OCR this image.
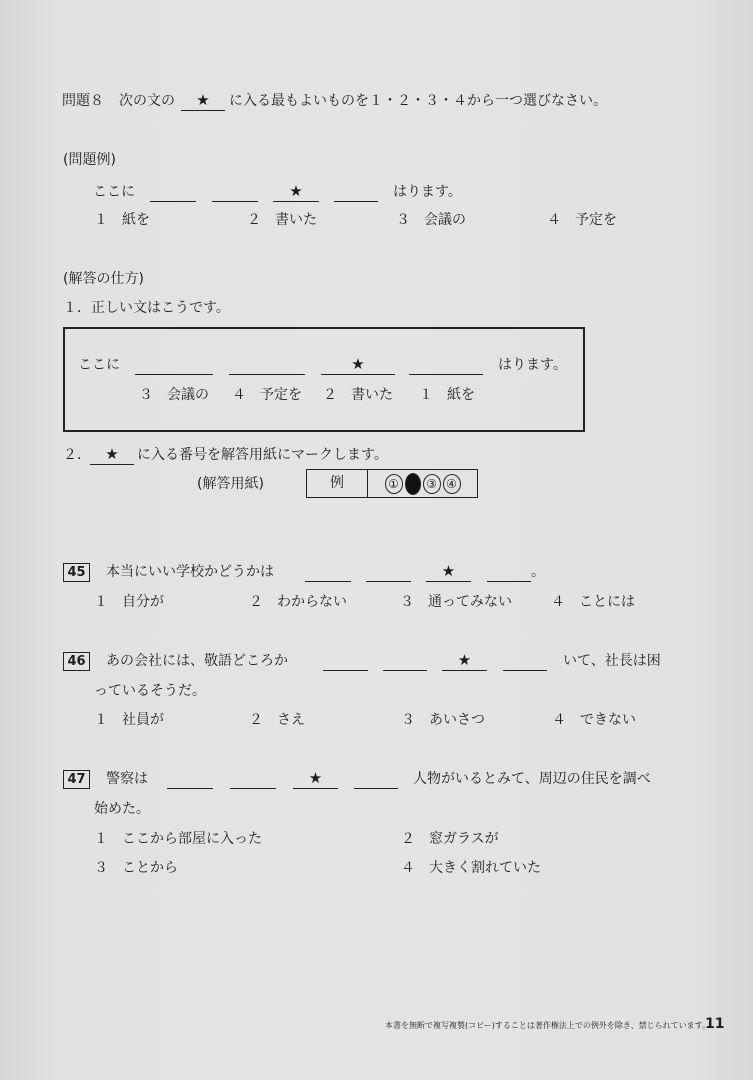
問題８ 次の文の	★	に入る最もよいものを１・２・３・４から一つ選びなさい。
(問題例)
ここに	★	はります。
１　紙を	２　書いた	３　会議の	４　予定を
(解答の仕方)
１．正しい文はこうです。
ここに	★	はります。
３　会議の ４　予定を ２　書いた １　紙を
２． ★	に入る番号を解答用紙にマークします。
(解答用紙)	例	① ● ③ ④
45	本当にいい学校かどうかは	★	。
１　自分が	２　わからない	３　通ってみない	４　ことには
46	あの会社には、敬語どころか	★	いて、社長は困
っているそうだ。
１　社員が	２　さえ	３　あいさつ	４　できない
47	警察は	★	人物がいるとみて、周辺の住民を調べ
始めた。
１　ここから部屋に入った	２　窓ガラスが
３　ことから	４　大きく割れていた
本書を無断で複写複製(コピー)することは著作権法上での例外を除き、禁じられています。
11
